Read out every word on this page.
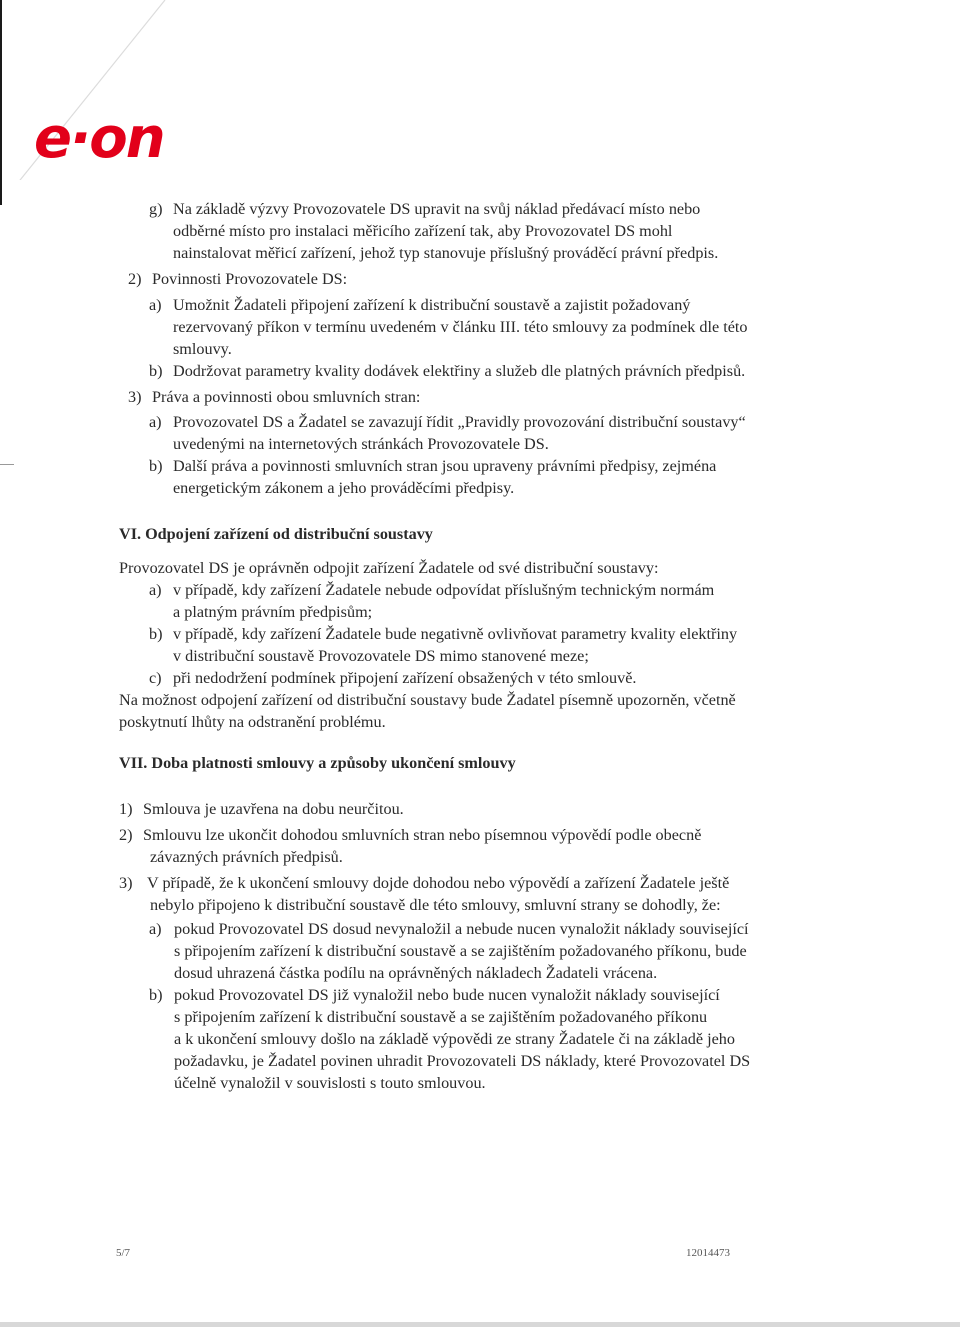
e·on
g) Na základě výzvy Provozovatele DS upravit na svůj náklad předávací místo nebo
odběrné místo pro instalaci měřicího zařízení tak, aby Provozovatel DS mohl
nainstalovat měřicí zařízení, jehož typ stanovuje příslušný prováděcí právní předpis.
2) Povinnosti Provozovatele DS:
a) Umožnit Žadateli připojení zařízení k distribuční soustavě a zajistit požadovaný
rezervovaný příkon v termínu uvedeném v článku III. této smlouvy za podmínek dle této
smlouvy.
b) Dodržovat parametry kvality dodávek elektřiny a služeb dle platných právních předpisů.
3) Práva a povinnosti obou smluvních stran:
a) Provozovatel DS a Žadatel se zavazují řídit „Pravidly provozování distribuční soustavy“
uvedenými na internetových stránkách Provozovatele DS.
b) Další práva a povinnosti smluvních stran jsou upraveny právními předpisy, zejména
energetickým zákonem a jeho prováděcími předpisy.
VI. Odpojení zařízení od distribuční soustavy
Provozovatel DS je oprávněn odpojit zařízení Žadatele od své distribuční soustavy:
a) v případě, kdy zařízení Žadatele nebude odpovídat příslušným technickým normám
a platným právním předpisům;
b) v případě, kdy zařízení Žadatele bude negativně ovlivňovat parametry kvality elektřiny
v distribuční soustavě Provozovatele DS mimo stanovené meze;
c) při nedodržení podmínek připojení zařízení obsažených v této smlouvě.
Na možnost odpojení zařízení od distribuční soustavy bude Žadatel písemně upozorněn, včetně
poskytnutí lhůty na odstranění problému.
VII. Doba platnosti smlouvy a způsoby ukončení smlouvy
1) Smlouva je uzavřena na dobu neurčitou.
2) Smlouvu lze ukončit dohodou smluvních stran nebo písemnou výpovědí podle obecně
závazných právních předpisů.
3) V případě, že k ukončení smlouvy dojde dohodou nebo výpovědí a zařízení Žadatele ještě
nebylo připojeno k distribuční soustavě dle této smlouvy, smluvní strany se dohodly, že:
a) pokud Provozovatel DS dosud nevynaložil a nebude nucen vynaložit náklady související
s připojením zařízení k distribuční soustavě a se zajištěním požadovaného příkonu, bude
dosud uhrazená částka podílu na oprávněných nákladech Žadateli vrácena.
b) pokud Provozovatel DS již vynaložil nebo bude nucen vynaložit náklady související
s připojením zařízení k distribuční soustavě a se zajištěním požadovaného příkonu
a k ukončení smlouvy došlo na základě výpovědi ze strany Žadatele či na základě jeho
požadavku, je Žadatel povinen uhradit Provozovateli DS náklady, které Provozovatel DS
účelně vynaložil v souvislosti s touto smlouvou.
5/7	12014473
